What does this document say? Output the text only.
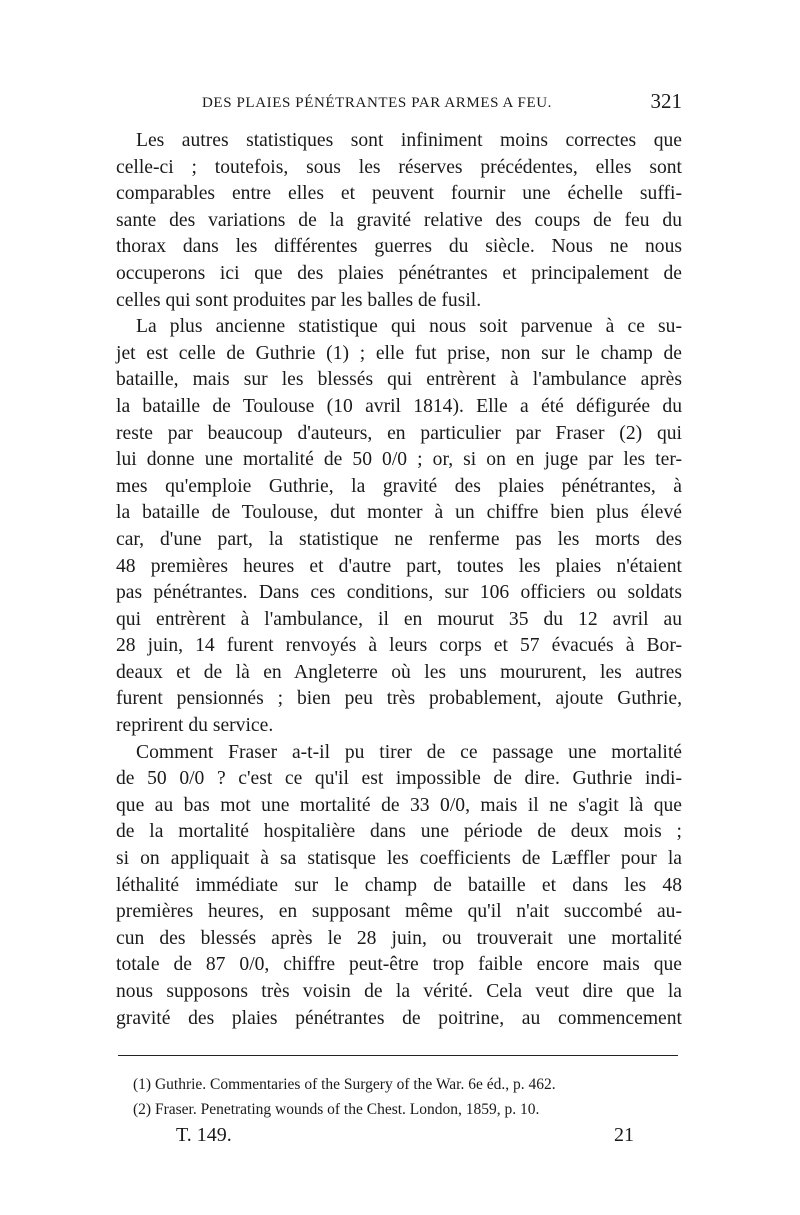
DES PLAIES PÉNÉTRANTES PAR ARMES A FEU.	321
Les autres statistiques sont infiniment moins correctes que
celle-ci ; toutefois, sous les réserves précédentes, elles sont
comparables entre elles et peuvent fournir une échelle suffi-
sante des variations de la gravité relative des coups de feu du
thorax dans les différentes guerres du siècle. Nous ne nous
occuperons ici que des plaies pénétrantes et principalement de
celles qui sont produites par les balles de fusil.
La plus ancienne statistique qui nous soit parvenue à ce su-
jet est celle de Guthrie (1) ; elle fut prise, non sur le champ de
bataille, mais sur les blessés qui entrèrent à l'ambulance après
la bataille de Toulouse (10 avril 1814). Elle a été défigurée du
reste par beaucoup d'auteurs, en particulier par Fraser (2) qui
lui donne une mortalité de 50 0/0 ; or, si on en juge par les ter-
mes qu'emploie Guthrie, la gravité des plaies pénétrantes, à
la bataille de Toulouse, dut monter à un chiffre bien plus élevé
car, d'une part, la statistique ne renferme pas les morts des
48 premières heures et d'autre part, toutes les plaies n'étaient
pas pénétrantes. Dans ces conditions, sur 106 officiers ou soldats
qui entrèrent à l'ambulance, il en mourut 35 du 12 avril au
28 juin, 14 furent renvoyés à leurs corps et 57 évacués à Bor-
deaux et de là en Angleterre où les uns moururent, les autres
furent pensionnés ; bien peu très probablement, ajoute Guthrie,
reprirent du service.
Comment Fraser a-t-il pu tirer de ce passage une mortalité
de 50 0/0 ? c'est ce qu'il est impossible de dire. Guthrie indi-
que au bas mot une mortalité de 33 0/0, mais il ne s'agit là que
de la mortalité hospitalière dans une période de deux mois ;
si on appliquait à sa statisque les coefficients de Læffler pour la
léthalité immédiate sur le champ de bataille et dans les 48
premières heures, en supposant même qu'il n'ait succombé au-
cun des blessés après le 28 juin, ou trouverait une mortalité
totale de 87 0/0, chiffre peut-être trop faible encore mais que
nous supposons très voisin de la vérité. Cela veut dire que la
gravité des plaies pénétrantes de poitrine, au commencement
(1) Guthrie. Commentaries of the Surgery of the War. 6e éd., p. 462.
(2) Fraser. Penetrating wounds of the Chest. London, 1859, p. 10.
T. 149.	21
